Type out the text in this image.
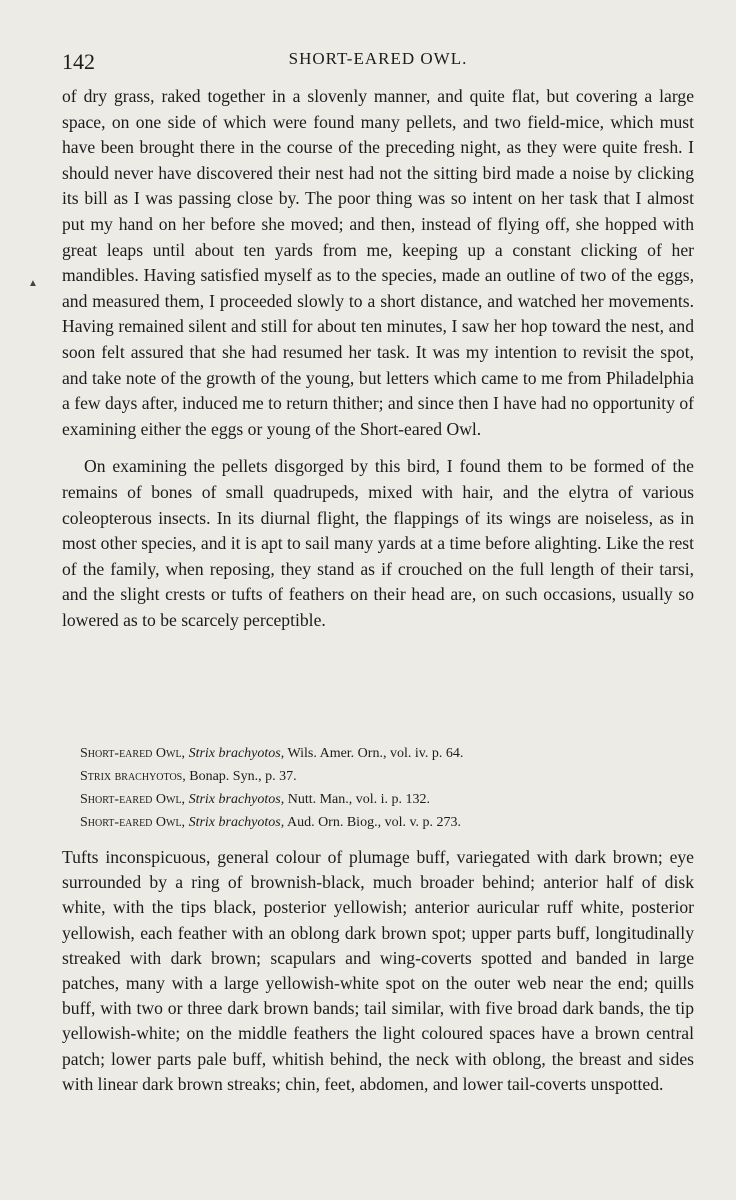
142	SHORT-EARED OWL.
▲

of dry grass, raked together in a slovenly manner, and quite flat, but covering a large space, on one side of which were found many pellets, and two field-mice, which must have been brought there in the course of the preceding night, as they were quite fresh. I should never have discovered their nest had not the sitting bird made a noise by clicking its bill as I was passing close by. The poor thing was so intent on her task that I almost put my hand on her before she moved; and then, instead of flying off, she hopped with great leaps until about ten yards from me, keeping up a constant clicking of her mandibles. Having satisfied myself as to the species, made an outline of two of the eggs, and measured them, I proceeded slowly to a short distance, and watched her movements. Having remained silent and still for about ten minutes, I saw her hop toward the nest, and soon felt assured that she had resumed her task. It was my intention to revisit the spot, and take note of the growth of the young, but letters which came to me from Philadelphia a few days after, induced me to return thither; and since then I have had no opportunity of examining either the eggs or young of the Short-eared Owl.

On examining the pellets disgorged by this bird, I found them to be formed of the remains of bones of small quadrupeds, mixed with hair, and the elytra of various coleopterous insects. In its diurnal flight, the flappings of its wings are noiseless, as in most other species, and it is apt to sail many yards at a time before alighting. Like the rest of the family, when reposing, they stand as if crouched on the full length of their tarsi, and the slight crests or tufts of feathers on their head are, on such occasions, usually so lowered as to be scarcely perceptible.

Short-eared Owl, Strix brachyotos, Wils. Amer. Orn., vol. iv. p. 64.
Strix brachyotos, Bonap. Syn., p. 37.
Short-eared Owl, Strix brachyotos, Nutt. Man., vol. i. p. 132.
Short-eared Owl, Strix brachyotos, Aud. Orn. Biog., vol. v. p. 273.

Tufts inconspicuous, general colour of plumage buff, variegated with dark brown; eye surrounded by a ring of brownish-black, much broader behind; anterior half of disk white, with the tips black, posterior yellowish; anterior auricular ruff white, posterior yellowish, each feather with an oblong dark brown spot; upper parts buff, longitudinally streaked with dark brown; scapulars and wing-coverts spotted and banded in large patches, many with a large yellowish-white spot on the outer web near the end; quills buff, with two or three dark brown bands; tail similar, with five broad dark bands, the tip yellowish-white; on the middle feathers the light coloured spaces have a brown central patch; lower parts pale buff, whitish behind, the neck with oblong, the breast and sides with linear dark brown streaks; chin, feet, abdomen, and lower tail-coverts unspotted.
